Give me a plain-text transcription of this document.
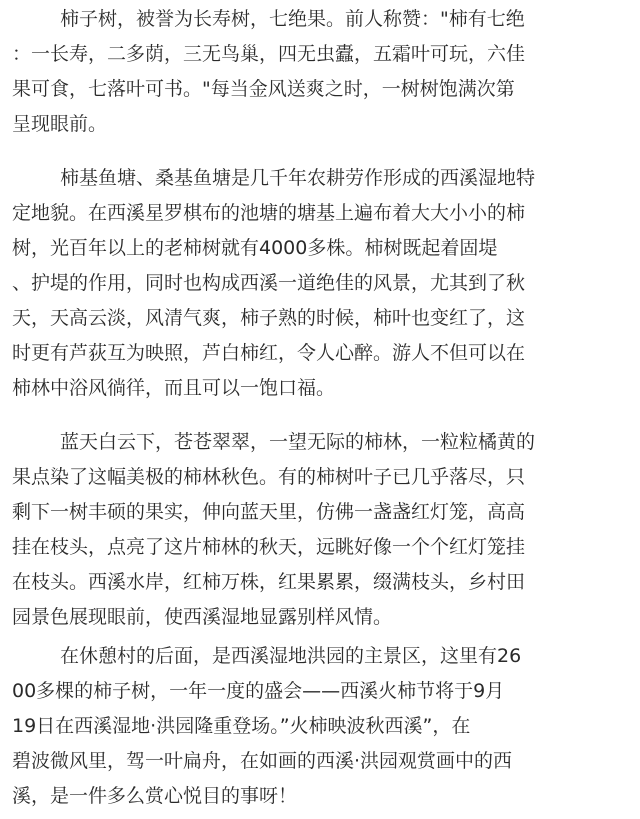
柿子树，被誉为长寿树，七绝果。前人称赞："柿有七绝
：一长寿，二多荫，三无鸟巢，四无虫蠹，五霜叶可玩，六佳
果可食，七落叶可书。"每当金风送爽之时，一树树饱满次第
呈现眼前。
柿基鱼塘、桑基鱼塘是几千年农耕劳作形成的西溪湿地特
定地貌。在西溪星罗棋布的池塘的塘基上遍布着大大小小的柿
树，光百年以上的老柿树就有4000多株。柿树既起着固堤
、护堤的作用，同时也构成西溪一道绝佳的风景，尤其到了秋
天，天高云淡，风清气爽，柿子熟的时候，柿叶也变红了，这
时更有芦荻互为映照，芦白柿红，令人心醉。游人不但可以在
柿林中浴风徜徉，而且可以一饱口福。
蓝天白云下，苍苍翠翠，一望无际的柿林，一粒粒橘黄的
果点染了这幅美极的柿林秋色。有的柿树叶子已几乎落尽，只
剩下一树丰硕的果实，伸向蓝天里，仿佛一盏盏红灯笼，高高
挂在枝头，点亮了这片柿林的秋天，远眺好像一个个红灯笼挂
在枝头。西溪水岸，红柿万株，红果累累，缀满枝头，乡村田
园景色展现眼前，使西溪湿地显露别样风情。
在休憩村的后面，是西溪湿地洪园的主景区，这里有26
00多棵的柿子树，一年一度的盛会——西溪火柿节将于9月
19日在西溪湿地·洪园隆重登场。”火柿映波秋西溪”，在
碧波微风里，驾一叶扁舟，在如画的西溪·洪园观赏画中的西
溪，是一件多么赏心悦目的事呀！
